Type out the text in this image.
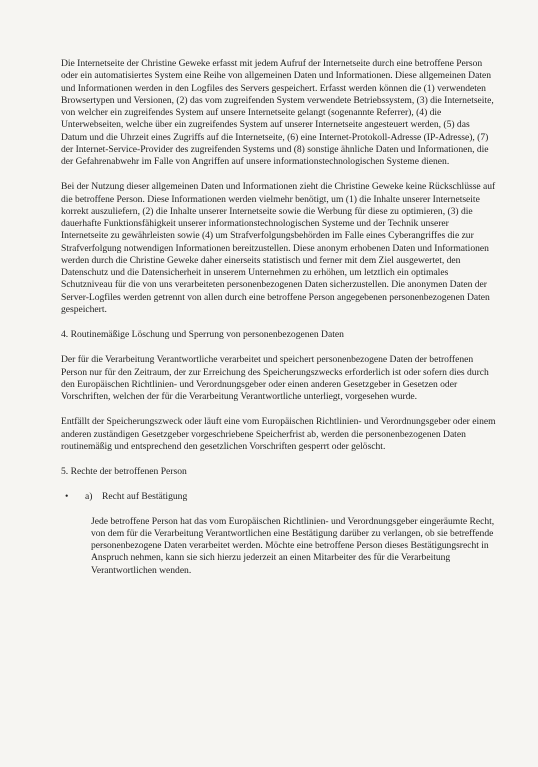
Die Internetseite der Christine Geweke erfasst mit jedem Aufruf der Internetseite durch eine betroffene Person oder ein automatisiertes System eine Reihe von allgemeinen Daten und Informationen. Diese allgemeinen Daten und Informationen werden in den Logfiles des Servers gespeichert. Erfasst werden können die (1) verwendeten Browsertypen und Versionen, (2) das vom zugreifenden System verwendete Betriebssystem, (3) die Internetseite, von welcher ein zugreifendes System auf unsere Internetseite gelangt (sogenannte Referrer), (4) die Unterwebseiten, welche über ein zugreifendes System auf unserer Internetseite angesteuert werden, (5) das Datum und die Uhrzeit eines Zugriffs auf die Internetseite, (6) eine Internet-Protokoll-Adresse (IP-Adresse), (7) der Internet-Service-Provider des zugreifenden Systems und (8) sonstige ähnliche Daten und Informationen, die der Gefahrenabwehr im Falle von Angriffen auf unsere informationstechnologischen Systeme dienen.

Bei der Nutzung dieser allgemeinen Daten und Informationen zieht die Christine Geweke keine Rückschlüsse auf die betroffene Person. Diese Informationen werden vielmehr benötigt, um (1) die Inhalte unserer Internetseite korrekt auszuliefern, (2) die Inhalte unserer Internetseite sowie die Werbung für diese zu optimieren, (3) die dauerhafte Funktionsfähigkeit unserer informationstechnologischen Systeme und der Technik unserer Internetseite zu gewährleisten sowie (4) um Strafverfolgungsbehörden im Falle eines Cyberangriffes die zur Strafverfolgung notwendigen Informationen bereitzustellen. Diese anonym erhobenen Daten und Informationen werden durch die Christine Geweke daher einerseits statistisch und ferner mit dem Ziel ausgewertet, den Datenschutz und die Datensicherheit in unserem Unternehmen zu erhöhen, um letztlich ein optimales Schutzniveau für die von uns verarbeiteten personenbezogenen Daten sicherzustellen. Die anonymen Daten der Server-Logfiles werden getrennt von allen durch eine betroffene Person angegebenen personenbezogenen Daten gespeichert.

4. Routinemäßige Löschung und Sperrung von personenbezogenen Daten

Der für die Verarbeitung Verantwortliche verarbeitet und speichert personenbezogene Daten der betroffenen Person nur für den Zeitraum, der zur Erreichung des Speicherungszwecks erforderlich ist oder sofern dies durch den Europäischen Richtlinien- und Verordnungsgeber oder einen anderen Gesetzgeber in Gesetzen oder Vorschriften, welchen der für die Verarbeitung Verantwortliche unterliegt, vorgesehen wurde.

Entfällt der Speicherungszweck oder läuft eine vom Europäischen Richtlinien- und Verordnungsgeber oder einem anderen zuständigen Gesetzgeber vorgeschriebene Speicherfrist ab, werden die personenbezogenen Daten routinemäßig und entsprechend den gesetzlichen Vorschriften gesperrt oder gelöscht.

5. Rechte der betroffenen Person

•	a) Recht auf Bestätigung

Jede betroffene Person hat das vom Europäischen Richtlinien- und Verordnungsgeber eingeräumte Recht, von dem für die Verarbeitung Verantwortlichen eine Bestätigung darüber zu verlangen, ob sie betreffende personenbezogene Daten verarbeitet werden. Möchte eine betroffene Person dieses Bestätigungsrecht in Anspruch nehmen, kann sie sich hierzu jederzeit an einen Mitarbeiter des für die Verarbeitung Verantwortlichen wenden.
